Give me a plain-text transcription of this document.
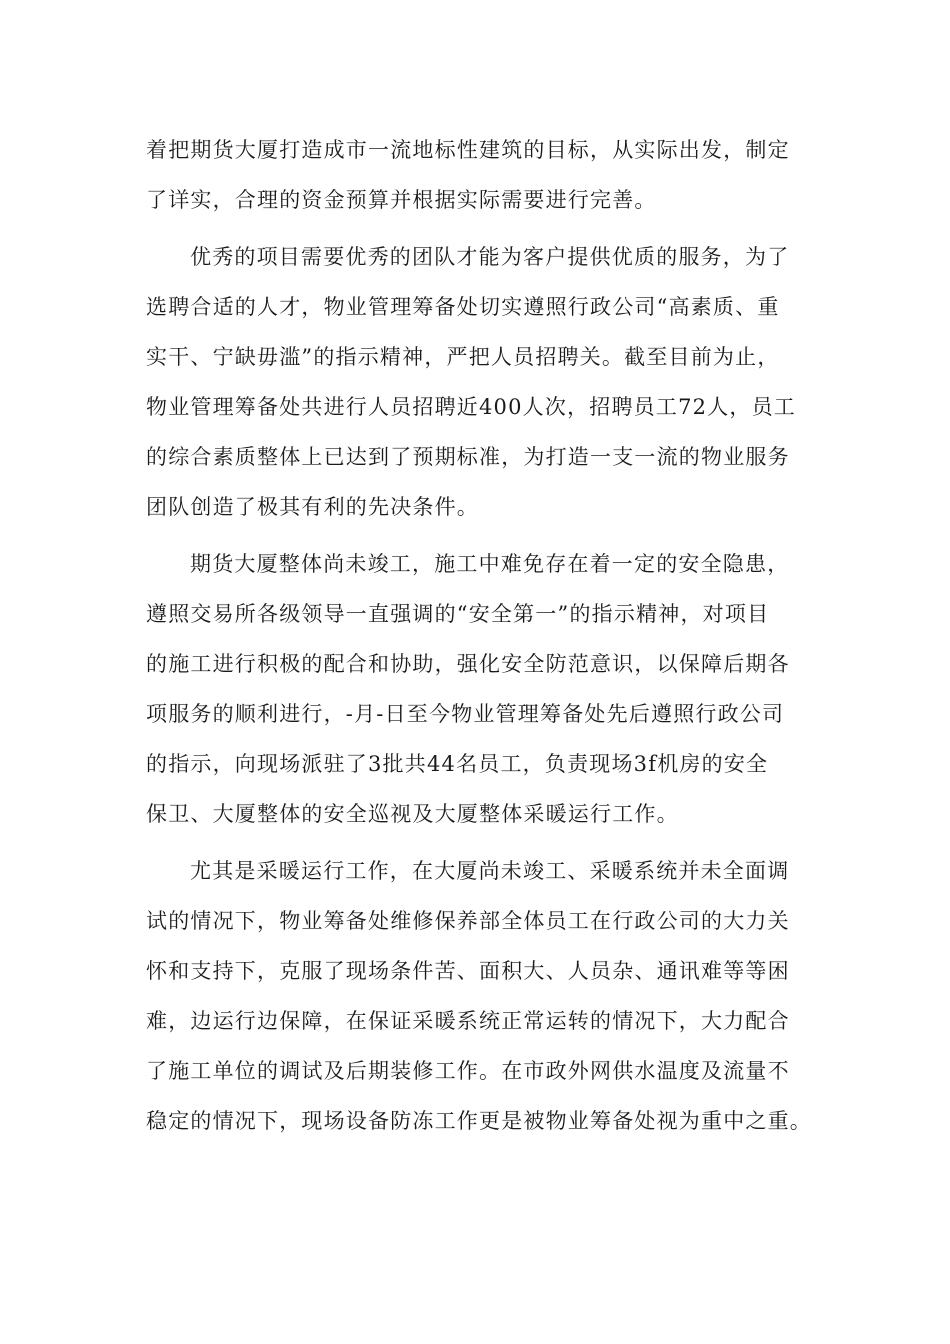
着把期货大厦打造成市一流地标性建筑的目标，从实际出发，制定
了详实，合理的资金预算并根据实际需要进行完善。
优秀的项目需要优秀的团队才能为客户提供优质的服务，为了
选聘合适的人才，物业管理筹备处切实遵照行政公司“高素质、重
实干、宁缺毋滥”的指示精神，严把人员招聘关。截至目前为止，
物业管理筹备处共进行人员招聘近400人次，招聘员工72人，员工
的综合素质整体上已达到了预期标准，为打造一支一流的物业服务
团队创造了极其有利的先决条件。
期货大厦整体尚未竣工，施工中难免存在着一定的安全隐患，
遵照交易所各级领导一直强调的“安全第一”的指示精神，对项目
的施工进行积极的配合和协助，强化安全防范意识，以保障后期各
项服务的顺利进行，-月-日至今物业管理筹备处先后遵照行政公司
的指示，向现场派驻了3批共44名员工，负责现场3f机房的安全
保卫、大厦整体的安全巡视及大厦整体采暖运行工作。
尤其是采暖运行工作，在大厦尚未竣工、采暖系统并未全面调
试的情况下，物业筹备处维修保养部全体员工在行政公司的大力关
怀和支持下，克服了现场条件苦、面积大、人员杂、通讯难等等困
难，边运行边保障，在保证采暖系统正常运转的情况下，大力配合
了施工单位的调试及后期装修工作。在市政外网供水温度及流量不
稳定的情况下，现场设备防冻工作更是被物业筹备处视为重中之重。
